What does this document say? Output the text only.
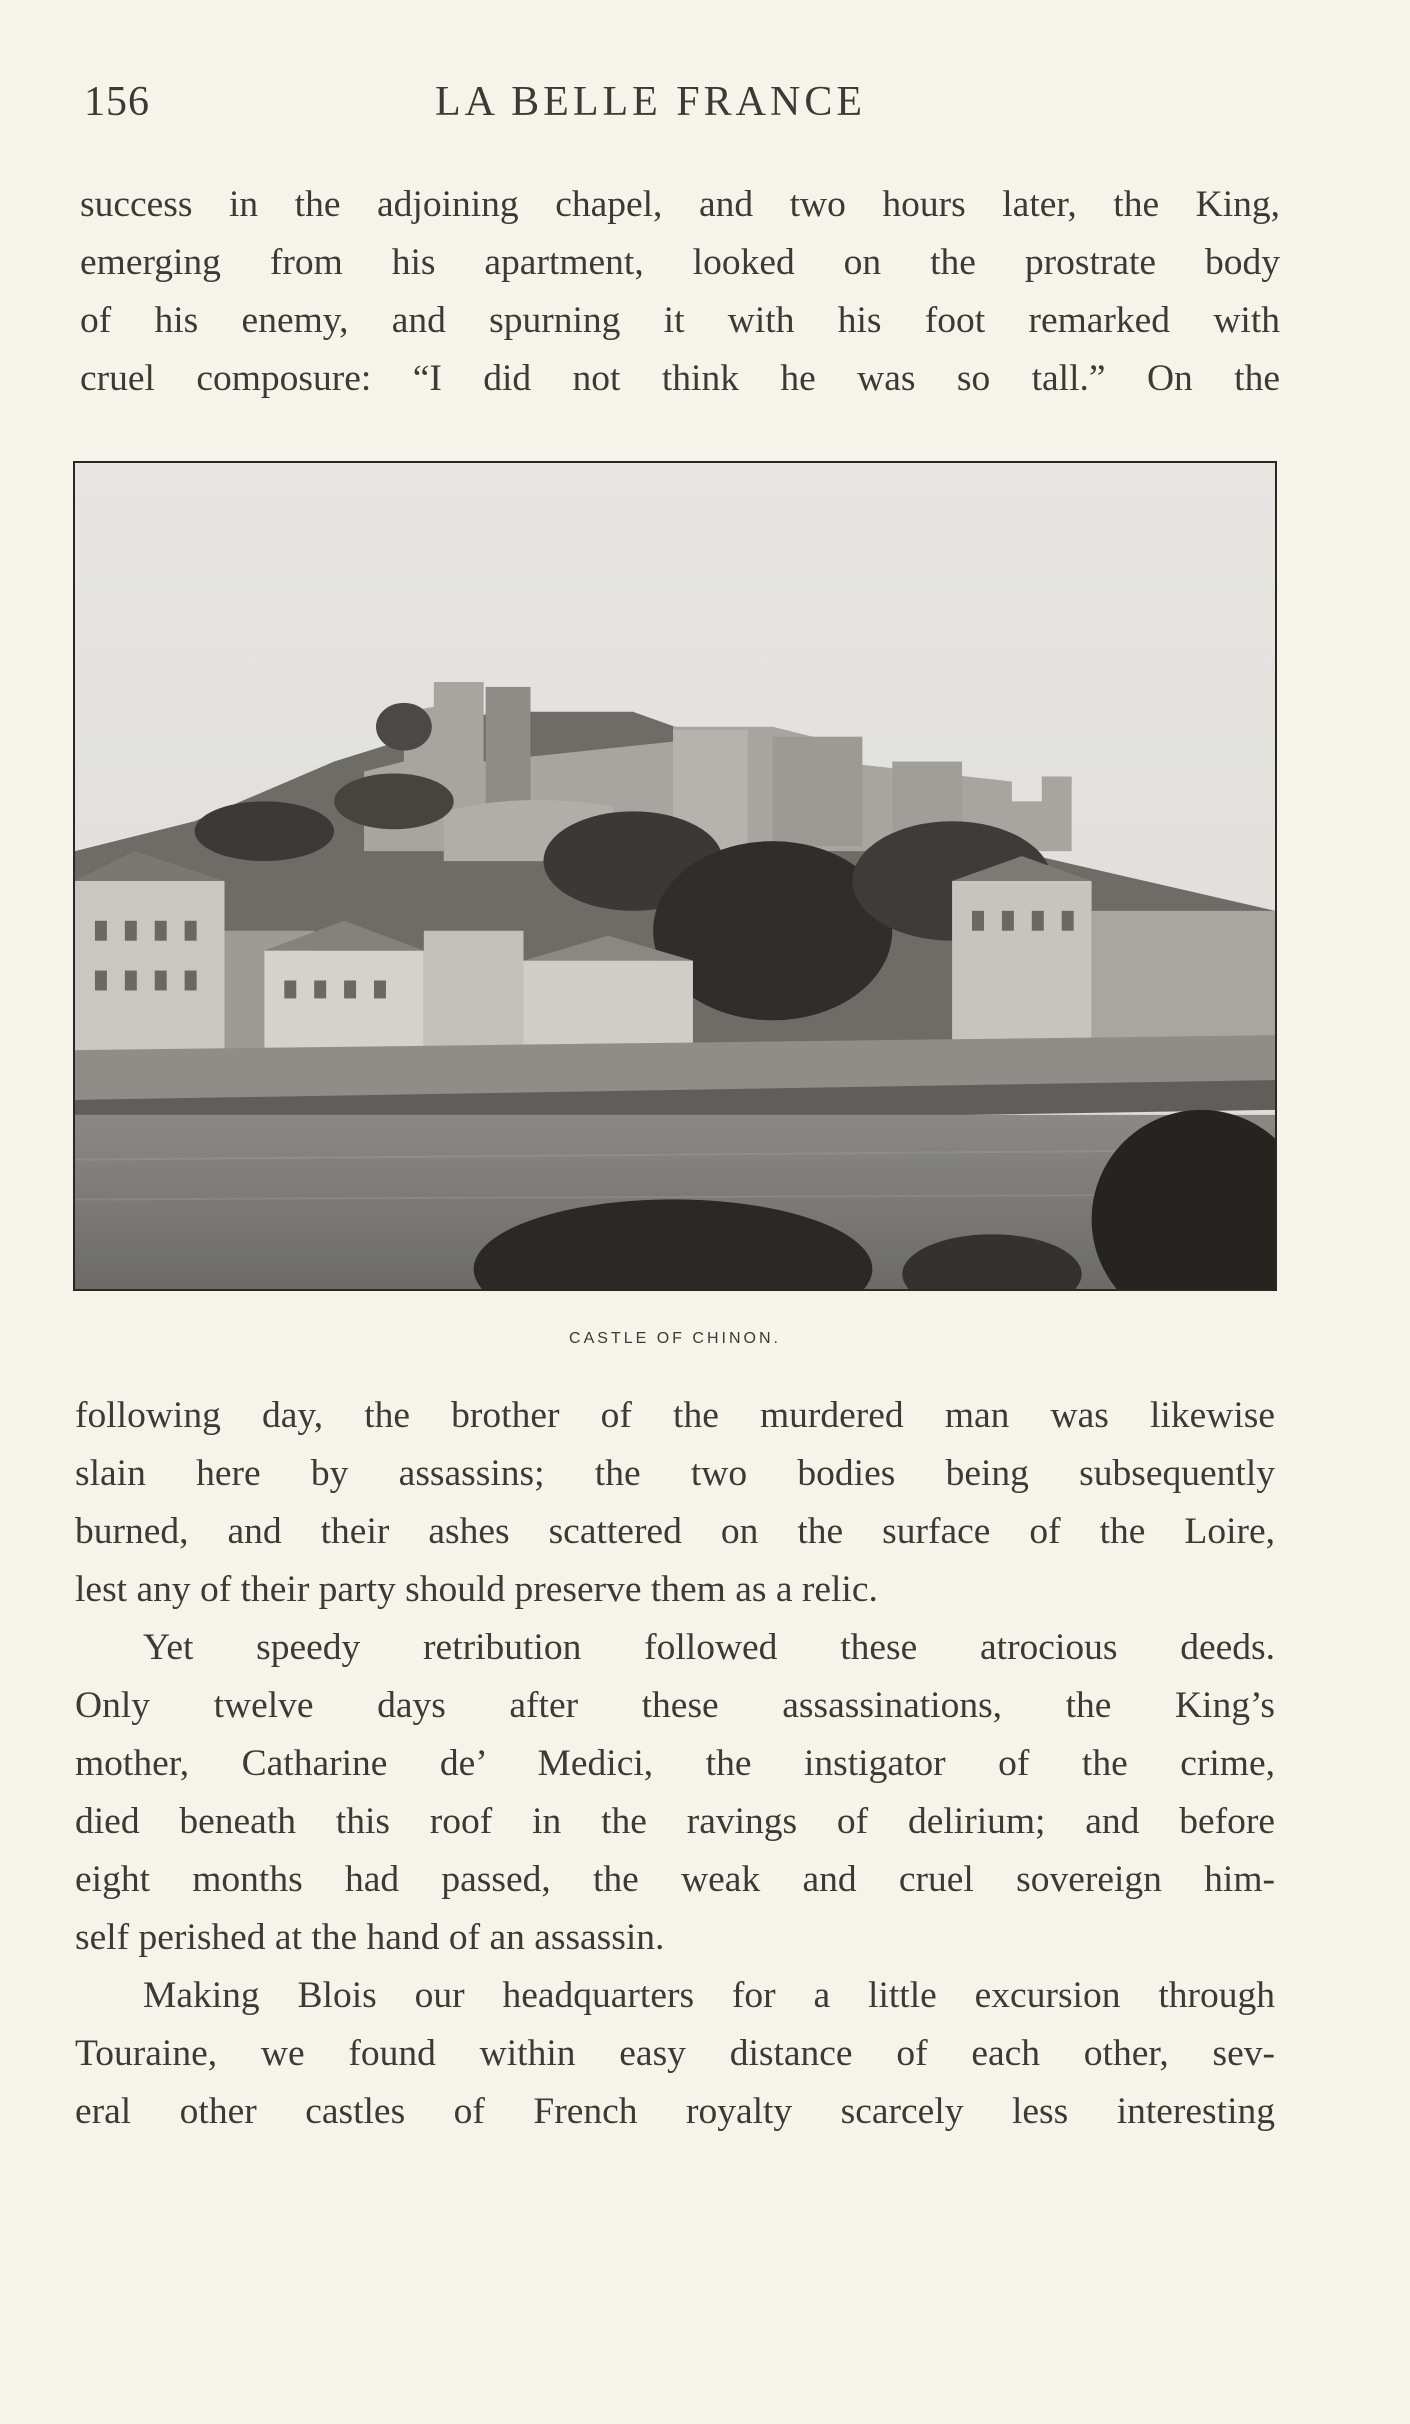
156	LA BELLE FRANCE
success in the adjoining chapel, and two hours later, the King,
emerging from his apartment, looked on the prostrate body
of his enemy, and spurning it with his foot remarked with
cruel composure: “I did not think he was so tall.” On the
CASTLE OF CHINON.
following day, the brother of the murdered man was likewise
slain here by assassins; the two bodies being subsequently
burned, and their ashes scattered on the surface of the Loire,
lest any of their party should preserve them as a relic.
Yet speedy retribution followed these atrocious deeds.
Only twelve days after these assassinations, the King’s
mother, Catharine de’ Medici, the instigator of the crime,
died beneath this roof in the ravings of delirium; and before
eight months had passed, the weak and cruel sovereign him-
self perished at the hand of an assassin.
Making Blois our headquarters for a little excursion through
Touraine, we found within easy distance of each other, sev-
eral other castles of French royalty scarcely less interesting
